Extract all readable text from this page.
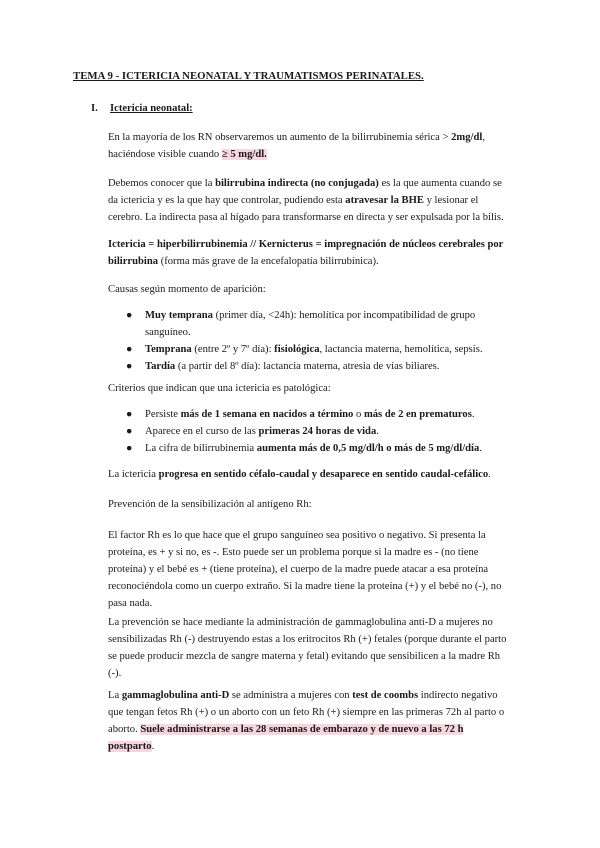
TEMA 9 - ICTERICIA NEONATAL Y TRAUMATISMOS PERINATALES.
I. Ictericia neonatal:

En la mayoría de los RN observaremos un aumento de la bilirrubinemia sérica > 2mg/dl, haciéndose visible cuando ≥ 5 mg/dl.

Debemos conocer que la bilirrubina indirecta (no conjugada) es la que aumenta cuando se da ictericia y es la que hay que controlar, pudiendo esta atravesar la BHE y lesionar el cerebro. La indirecta pasa al hígado para transformarse en directa y ser expulsada por la bilis.

Ictericia = hiperbilirrubinemia // Kernicterus = impregnación de núcleos cerebrales por bilirrubina (forma más grave de la encefalopatía bilirrubínica).

Causas según momento de aparición:

● Muy temprana (primer día, <24h): hemolítica por incompatibilidad de grupo sanguíneo.
● Temprana (entre 2º y 7º día): fisiológica, lactancia materna, hemolítica, sepsis.
● Tardía (a partir del 8º día): lactancia materna, atresia de vías biliares.

Criterios que indican que una ictericia es patológica:

● Persiste más de 1 semana en nacidos a término o más de 2 en prematuros.
● Aparece en el curso de las primeras 24 horas de vida.
● La cifra de bilirrubinemia aumenta más de 0,5 mg/dl/h o más de 5 mg/dl/día.

La ictericia progresa en sentido céfalo-caudal y desaparece en sentido caudal-cefálico.

Prevención de la sensibilización al antígeno Rh:

El factor Rh es lo que hace que el grupo sanguíneo sea positivo o negativo. Si presenta la proteína, es + y si no, es -. Esto puede ser un problema porque si la madre es - (no tiene proteína) y el bebé es + (tiene proteína), el cuerpo de la madre puede atacar a esa proteína reconociéndola como un cuerpo extraño. Si la madre tiene la proteína (+) y el bebé no (-), no pasa nada.

La prevención se hace mediante la administración de gammaglobulina anti-D a mujeres no sensibilizadas Rh (-) destruyendo estas a los eritrocitos Rh (+) fetales (porque durante el parto se puede producir mezcla de sangre materna y fetal) evitando que sensibilicen a la madre Rh (-).

La gammaglobulina anti-D se administra a mujeres con test de coombs indirecto negativo que tengan fetos Rh (+) o un aborto con un feto Rh (+) siempre en las primeras 72h al parto o aborto. Suele administrarse a las 28 semanas de embarazo y de nuevo a las 72 h postparto.
